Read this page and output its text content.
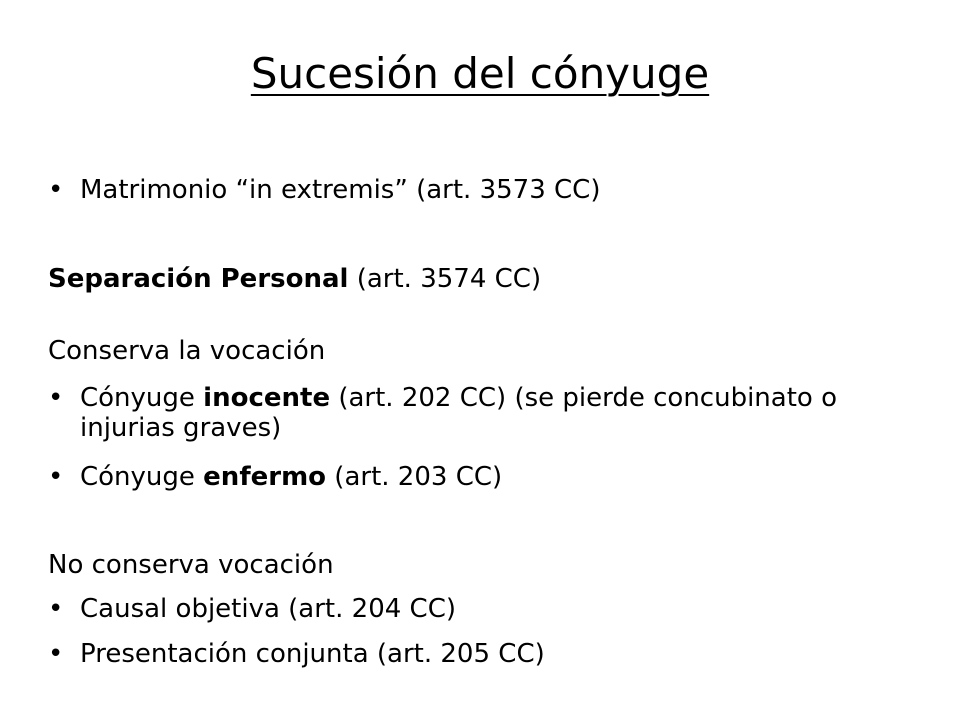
Sucesión del cónyuge
• Matrimonio “in extremis” (art. 3573 CC)
Separación Personal (art. 3574 CC)
Conserva la vocación
• Cónyuge inocente (art. 202 CC) (se pierde concubinato o injurias graves)
• Cónyuge enfermo (art. 203 CC)
No conserva vocación
• Causal objetiva (art. 204 CC)
• Presentación conjunta (art. 205 CC)
